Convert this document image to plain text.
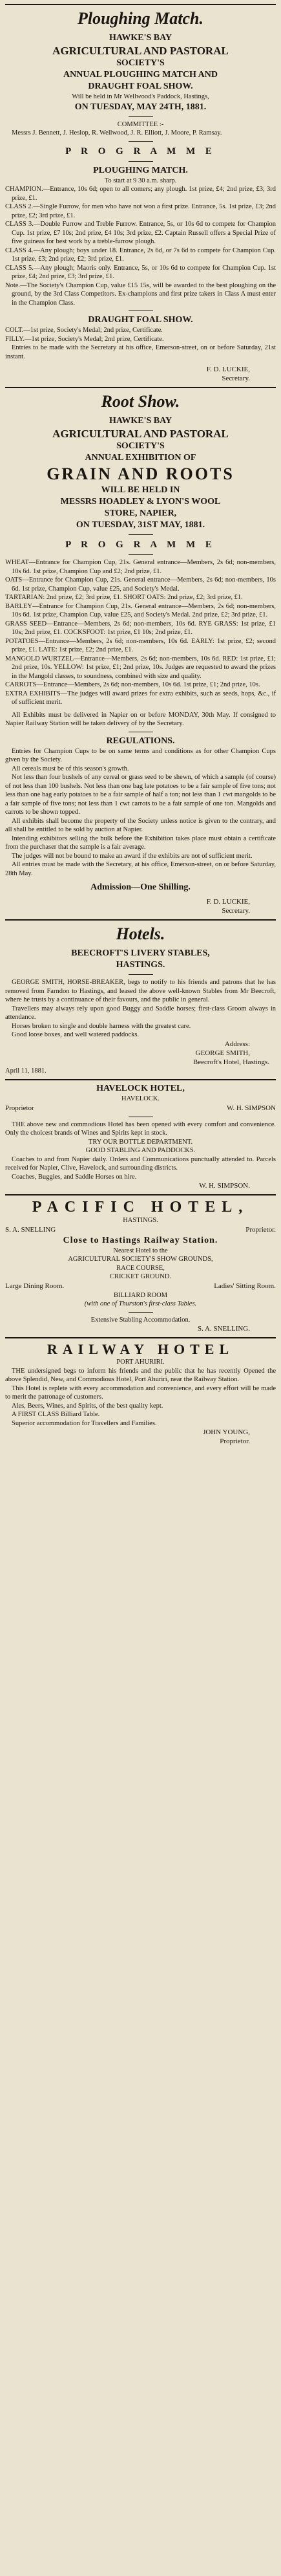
Ploughing Match.
HAWKE'S BAY
AGRICULTURAL AND PASTORAL
SOCIETY'S
ANNUAL PLOUGHING MATCH AND
DRAUGHT FOAL SHOW.
Will be held in Mr Wellwood's Paddock, Hastings,
ON TUESDAY, MAY 24TH, 1881.
COMMITTEE :-

Messrs J. Bennett, J. Heslop, R. Wellwood, J. R. Elliott, J. Moore, P. Ramsay.

P R O G R A M M E
PLOUGHING MATCH.
To start at 9 30 a.m. sharp.

CHAMPION.—Entrance, 10s 6d; open to all comers; any plough. 1st prize, £4; 2nd prize, £3; 3rd prize, £1.

CLASS 2.—Single Furrow, for men who have not won a first prize. Entrance, 5s. 1st prize, £3; 2nd prize, £2; 3rd prize, £1.

CLASS 3.—Double Furrow and Treble Furrow. Entrance, 5s, or 10s 6d to compete for Champion Cup. 1st prize, £7 10s; 2nd prize, £4 10s; 3rd prize, £2. Captain Russell offers a Special Prize of five guineas for best work by a treble-furrow plough.

CLASS 4.—Any plough; boys under 18. Entrance, 2s 6d, or 7s 6d to compete for Champion Cup. 1st prize, £3; 2nd prize, £2; 3rd prize, £1.

CLASS 5.—Any plough; Maoris only. Entrance, 5s, or 10s 6d to compete for Champion Cup. 1st prize, £4; 2nd prize, £3; 3rd prize, £1.

Note.—The Society's Champion Cup, value £15 15s, will be awarded to the best ploughing on the ground, by the 3rd Class Competitors. Ex-champions and first prize takers in Class A must enter in the Champion Class.

DRAUGHT FOAL SHOW.

COLT.—1st prize, Society's Medal; 2nd prize, Certificate.

FILLY.—1st prize, Society's Medal; 2nd prize, Certificate.

Entries to be made with the Secretary at his office, Emerson-street, on or before Saturday, 21st instant.

F. D. LUCKIE,
Secretary.
Root Show.
HAWKE'S BAY
AGRICULTURAL AND PASTORAL
SOCIETY'S
ANNUAL EXHIBITION OF
GRAIN AND ROOTS
WILL BE HELD IN
MESSRS HOADLEY & LYON'S WOOL
STORE, NAPIER,
ON TUESDAY, 31ST MAY, 1881.
P R O G R A M M E

WHEAT—Entrance for Champion Cup, 21s. General entrance—Members, 2s 6d; non-members, 10s 6d. 1st prize, Champion Cup and £2; 2nd prize, £1.

OATS—Entrance for Champion Cup, 21s. General entrance—Members, 2s 6d; non-members, 10s 6d. 1st prize, Champion Cup, value £25, and Society's Medal.

TARTARIAN: 2nd prize, £2; 3rd prize, £1. SHORT OATS: 2nd prize, £2; 3rd prize, £1.

BARLEY—Entrance for Champion Cup, 21s. General entrance—Members, 2s 6d; non-members, 10s 6d. 1st prize, Champion Cup, value £25, and Society's Medal. 2nd prize, £2; 3rd prize, £1.

GRASS SEED—Entrance—Members, 2s 6d; non-members, 10s 6d. RYE GRASS: 1st prize, £1 10s; 2nd prize, £1. COCKSFOOT: 1st prize, £1 10s; 2nd prize, £1.

POTATOES—Entrance—Members, 2s 6d; non-members, 10s 6d. EARLY: 1st prize, £2; second prize, £1. LATE: 1st prize, £2; 2nd prize, £1.

MANGOLD WURTZEL—Entrance—Members, 2s 6d; non-members, 10s 6d. RED: 1st prize, £1; 2nd prize, 10s. YELLOW: 1st prize, £1; 2nd prize, 10s. Judges are requested to award the prizes in the Mangold classes, to soundness, combined with size and quality.

CARROTS—Entrance—Members, 2s 6d; non-members, 10s 6d. 1st prize, £1; 2nd prize, 10s.

EXTRA EXHIBITS—The judges will award prizes for extra exhibits, such as seeds, hops, &c., if of sufficient merit.

All Exhibits must be delivered in Napier on or before MONDAY, 30th May. If consigned to Napier Railway Station will be taken delivery of by the Secretary.

REGULATIONS.

Entries for Champion Cups to be on same terms and conditions as for other Champion Cups given by the Society.

All cereals must be of this season's growth.

Not less than four bushels of any cereal or grass seed to be shewn, of which a sample (of course) of not less than 100 bushels. Not less than one bag late potatoes to be a fair sample of five tons; not less than one bag early potatoes to be a fair sample of half a ton; not less than 1 cwt mangolds to be a fair sample of five tons; not less than 1 cwt carrots to be a fair sample of one ton. Mangolds and carrots to be shown topped.

All exhibits shall become the property of the Society unless notice is given to the contrary, and all shall be entitled to be sold by auction at Napier.

Intending exhibitors selling the bulk before the Exhibition takes place must obtain a certificate from the purchaser that the sample is a fair average.

The judges will not be bound to make an award if the exhibits are not of sufficient merit.

All entries must be made with the Secretary, at his office, Emerson-street, on or before Saturday, 28th May.

Admission—One Shilling.
F. D. LUCKIE,
Secretary.
Hotels.
BEECROFT'S LIVERY STABLES,
HASTINGS.

GEORGE SMITH, HORSE-BREAKER, begs to notify to his friends and patrons that he has removed from Farndon to Hastings, and leased the above well-known Stables from Mr Beecroft, where he trusts by a continuance of their favours, and the public in general.

Travellers may always rely upon good Buggy and Saddle horses; first-class Groom always in attendance.

Horses broken to single and double harness with the greatest care.

Good loose boxes, and well watered paddocks.

Address:
GEORGE SMITH,
Beecroft's Hotel, Hastings.
April 11, 1881.
HAVELOCK HOTEL,
HAVELOCK.
Proprietor	W. H. SIMPSON

THE above new and commodious Hotel has been opened with every comfort and convenience. Only the choicest brands of Wines and Spirits kept in stock.

TRY OUR BOTTLE DEPARTMENT.
GOOD STABLING AND PADDOCKS.

Coaches to and from Napier daily. Orders and Communications punctually attended to. Parcels received for Napier, Clive, Havelock, and surrounding districts.

Coaches, Buggies, and Saddle Horses on hire.

W. H. SIMPSON.
PACIFIC HOTEL,
HASTINGS.
S. A. SNELLING	Proprietor.
Close to Hastings Railway Station.
Nearest Hotel to the
AGRICULTURAL SOCIETY'S SHOW GROUNDS,
RACE COURSE,
CRICKET GROUND.
Large Dining Room.	Ladies' Sitting Room.
BILLIARD ROOM
(with one of Thurston's first-class Tables.
Extensive Stabling Accommodation.
S. A. SNELLING.
RAILWAY HOTEL
PORT AHURIRI.

THE undersigned begs to inform his friends and the public that he has recently Opened the above Splendid, New, and Commodious Hotel, Port Ahuriri, near the Railway Station.

This Hotel is replete with every accommodation and convenience, and every effort will be made to merit the patronage of customers.

Ales, Beers, Wines, and Spirits, of the best quality kept.

A FIRST CLASS Billiard Table.

Superior accommodation for Travellers and Families.

JOHN YOUNG,
Proprietor.
